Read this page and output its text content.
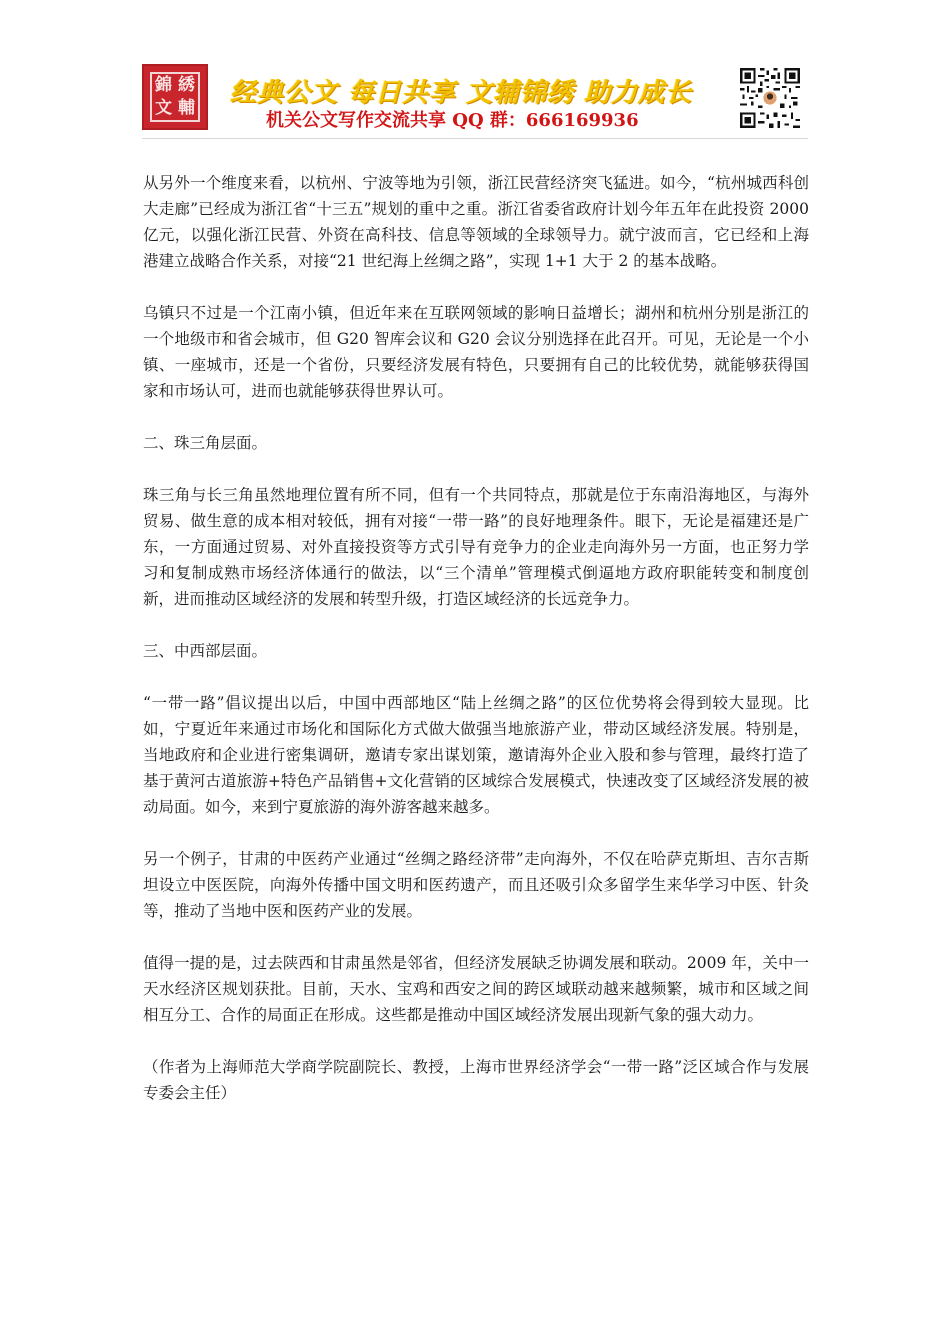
錦 綉
文 輔 经典公文 每日共享 文辅锦绣 助力成长
机关公文写作交流共享 QQ 群：666169936

从另外一个维度来看，以杭州、宁波等地为引领，浙江民营经济突飞猛进。如今，“杭州城西科创大走廊”已经成为浙江省“十三五”规划的重中之重。浙江省委省政府计划今年五年在此投资 2000 亿元，以强化浙江民营、外资在高科技、信息等领域的全球领导力。就宁波而言，它已经和上海港建立战略合作关系，对接“21 世纪海上丝绸之路”，实现 1+1 大于 2 的基本战略。

乌镇只不过是一个江南小镇，但近年来在互联网领域的影响日益增长；湖州和杭州分别是浙江的一个地级市和省会城市，但 G20 智库会议和 G20 会议分别选择在此召开。可见，无论是一个小镇、一座城市，还是一个省份，只要经济发展有特色，只要拥有自己的比较优势，就能够获得国家和市场认可，进而也就能够获得世界认可。

二、珠三角层面。

珠三角与长三角虽然地理位置有所不同，但有一个共同特点，那就是位于东南沿海地区，与海外贸易、做生意的成本相对较低，拥有对接“一带一路”的良好地理条件。眼下，无论是福建还是广东，一方面通过贸易、对外直接投资等方式引导有竞争力的企业走向海外另一方面，也正努力学习和复制成熟市场经济体通行的做法，以“三个清单”管理模式倒逼地方政府职能转变和制度创新，进而推动区域经济的发展和转型升级，打造区域经济的长远竞争力。

三、中西部层面。

“一带一路”倡议提出以后，中国中西部地区“陆上丝绸之路”的区位优势将会得到较大显现。比如，宁夏近年来通过市场化和国际化方式做大做强当地旅游产业，带动区域经济发展。特别是，当地政府和企业进行密集调研，邀请专家出谋划策，邀请海外企业入股和参与管理，最终打造了基于黄河古道旅游+特色产品销售+文化营销的区域综合发展模式，快速改变了区域经济发展的被动局面。如今，来到宁夏旅游的海外游客越来越多。

另一个例子，甘肃的中医药产业通过“丝绸之路经济带”走向海外，不仅在哈萨克斯坦、吉尔吉斯坦设立中医医院，向海外传播中国文明和医药遗产，而且还吸引众多留学生来华学习中医、针灸等，推动了当地中医和医药产业的发展。

值得一提的是，过去陕西和甘肃虽然是邻省，但经济发展缺乏协调发展和联动。2009 年，关中一天水经济区规划获批。目前，天水、宝鸡和西安之间的跨区域联动越来越频繁，城市和区域之间相互分工、合作的局面正在形成。这些都是推动中国区域经济发展出现新气象的强大动力。

（作者为上海师范大学商学院副院长、教授，上海市世界经济学会“一带一路”泛区域合作与发展专委会主任）
